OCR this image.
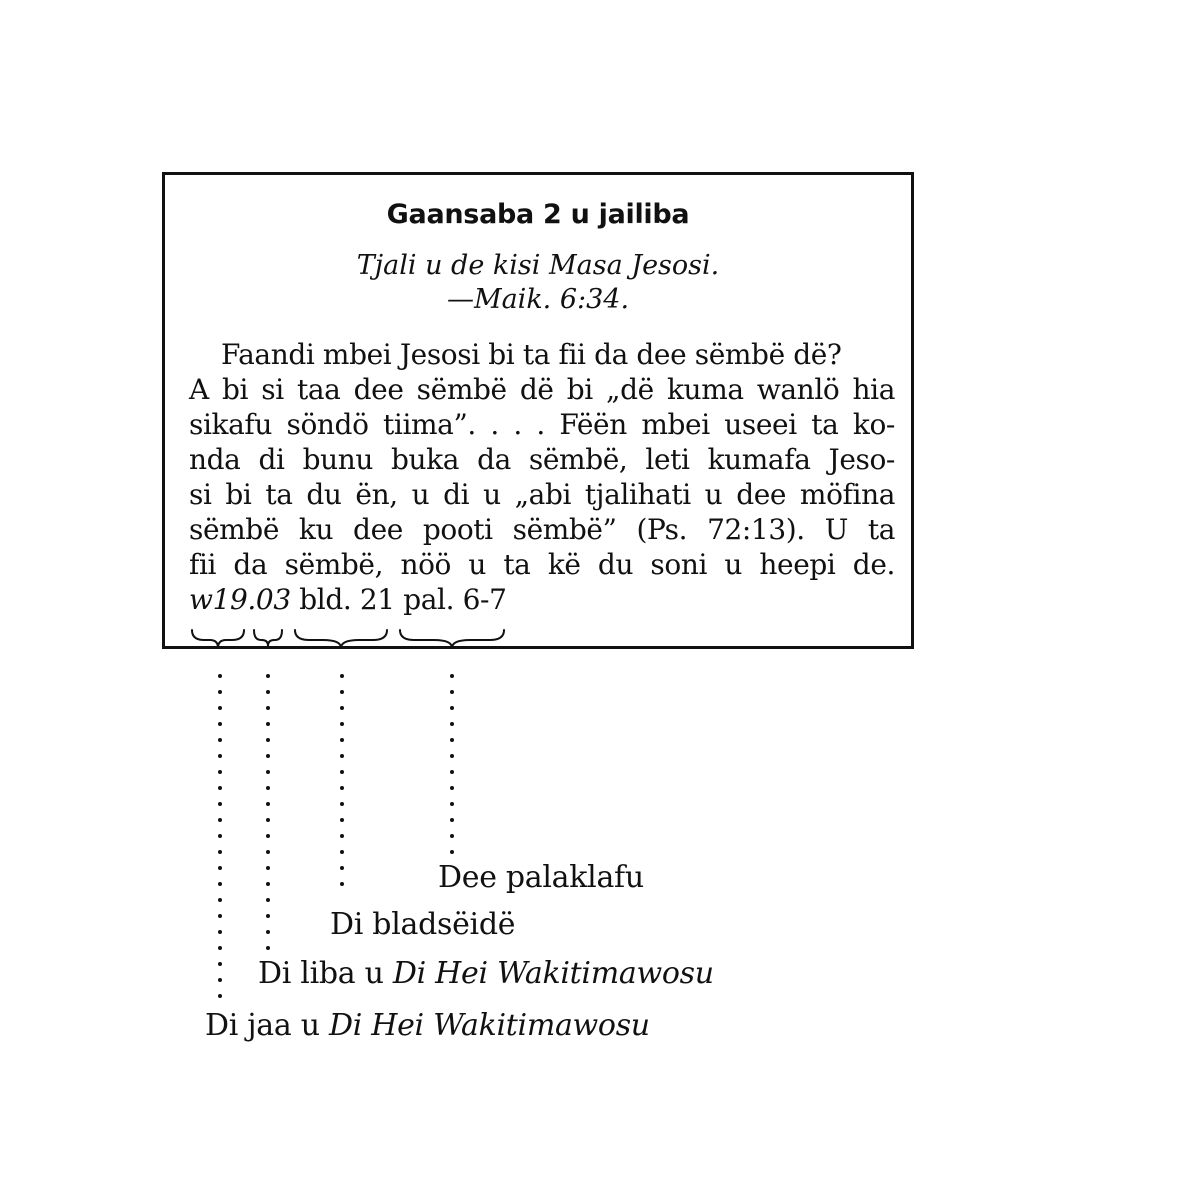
Gaansaba 2 u jailiba
Tjali u de kisi Masa Jesosi.
—Maik. 6:34.
Faandi mbei Jesosi bi ta fii da dee sëmbë dë?
A bi si taa dee sëmbë dë bi „dë kuma wanlö hia
sikafu söndö tiima”. . . . Fëën mbei useei ta ko-
nda di bunu buka da sëmbë, leti kumafa Jeso-
si bi ta du ën, u di u „abi tjalihati u dee möfina
sëmbë ku dee pooti sëmbë” (Ps. 72:13). U ta
fii da sëmbë, nöö u ta kë du soni u heepi de.
w19.03 bld. 21 pal. 6-7
Dee palaklafu
Di bladsëidë
Di liba u Di Hei Wakitimawosu
Di jaa u Di Hei Wakitimawosu
